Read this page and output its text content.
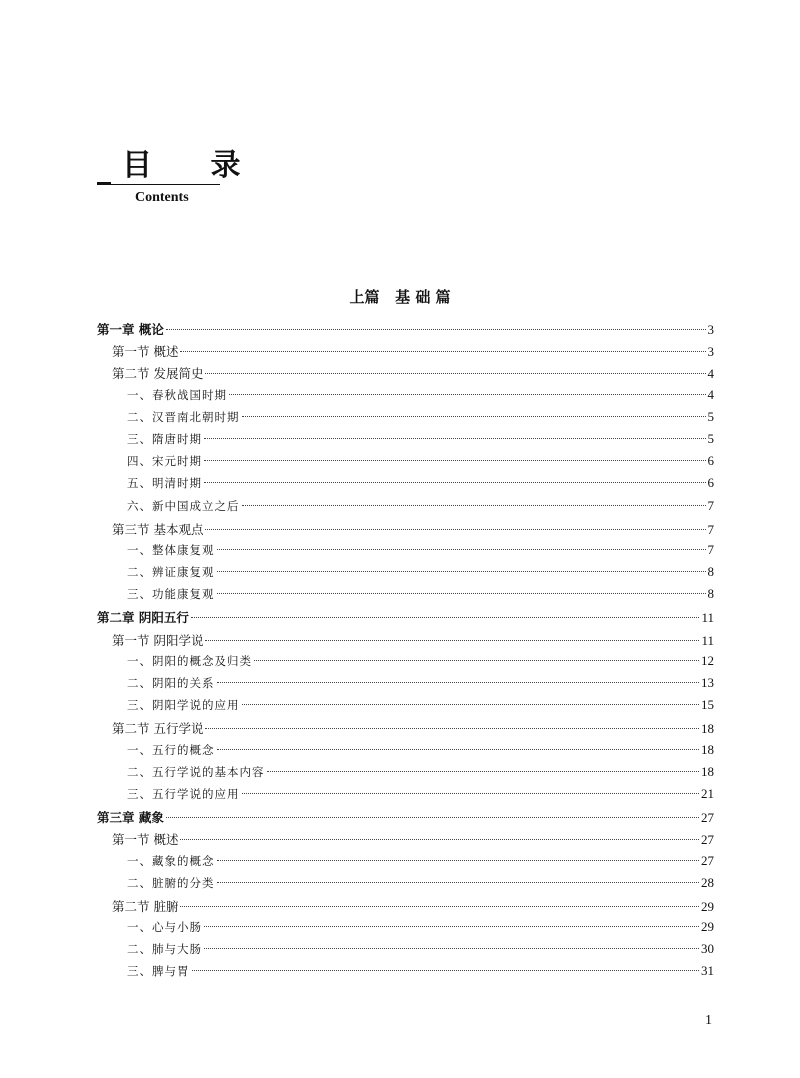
目 录
Contents
上篇   基 础 篇
第一章 概论	3
第一节 概述	3
第二节 发展简史	4
一、春秋战国时期	4
二、汉晋南北朝时期	5
三、隋唐时期	5
四、宋元时期	6
五、明清时期	6
六、新中国成立之后	7
第三节 基本观点	7
一、整体康复观	7
二、辨证康复观	8
三、功能康复观	8
第二章 阴阳五行	11
第一节 阴阳学说	11
一、阴阳的概念及归类	12
二、阴阳的关系	13
三、阴阳学说的应用	15
第二节 五行学说	18
一、五行的概念	18
二、五行学说的基本内容	18
三、五行学说的应用	21
第三章 藏象	27
第一节 概述	27
一、藏象的概念	27
二、脏腑的分类	28
第二节 脏腑	29
一、心与小肠	29
二、肺与大肠	30
三、脾与胃	31
1
